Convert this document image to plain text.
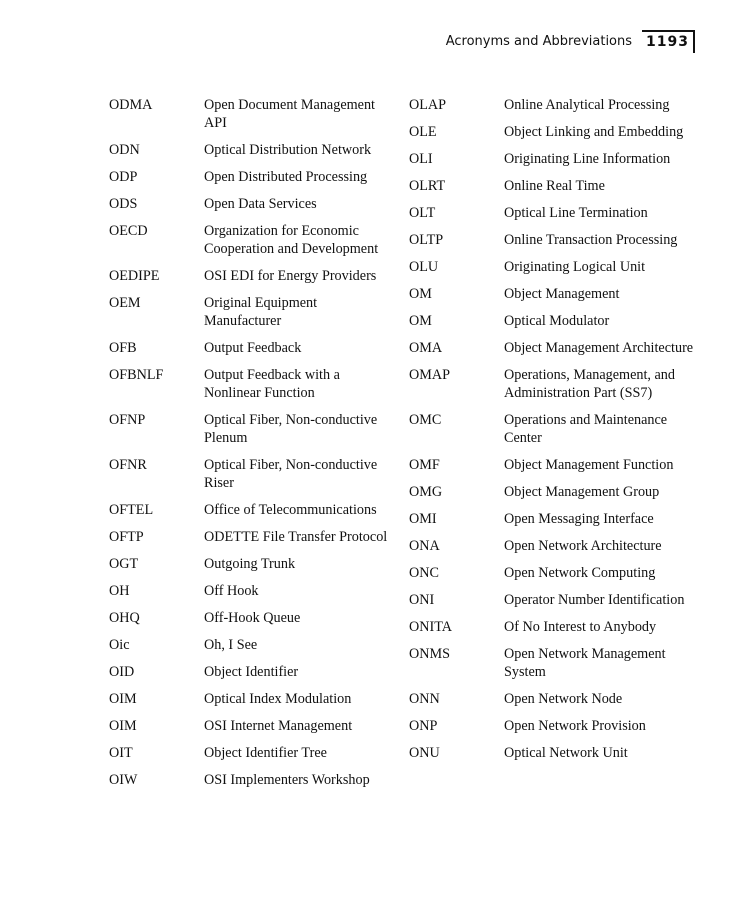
Acronyms and Abbreviations 1193
ODMA	Open Document Management API
ODN	Optical Distribution Network
ODP	Open Distributed Processing
ODS	Open Data Services
OECD	Organization for Economic Cooperation and Development
OEDIPE	OSI EDI for Energy Providers
OEM	Original Equipment Manufacturer
OFB	Output Feedback
OFBNLF	Output Feedback with a Nonlinear Function
OFNP	Optical Fiber, Non-conductive Plenum
OFNR	Optical Fiber, Non-conductive Riser
OFTEL	Office of Telecommunications
OFTP	ODETTE File Transfer Protocol
OGT	Outgoing Trunk
OH	Off Hook
OHQ	Off-Hook Queue
Oic	Oh, I See
OID	Object Identifier
OIM	Optical Index Modulation
OIM	OSI Internet Management
OIT	Object Identifier Tree
OIW	OSI Implementers Workshop
OLAP	Online Analytical Processing
OLE	Object Linking and Embedding
OLI	Originating Line Information
OLRT	Online Real Time
OLT	Optical Line Termination
OLTP	Online Transaction Processing
OLU	Originating Logical Unit
OM	Object Management
OM	Optical Modulator
OMA	Object Management Architecture
OMAP	Operations, Management, and Administration Part (SS7)
OMC	Operations and Maintenance Center
OMF	Object Management Function
OMG	Object Management Group
OMI	Open Messaging Interface
ONA	Open Network Architecture
ONC	Open Network Computing
ONI	Operator Number Identification
ONITA	Of No Interest to Anybody
ONMS	Open Network Management System
ONN	Open Network Node
ONP	Open Network Provision
ONU	Optical Network Unit
